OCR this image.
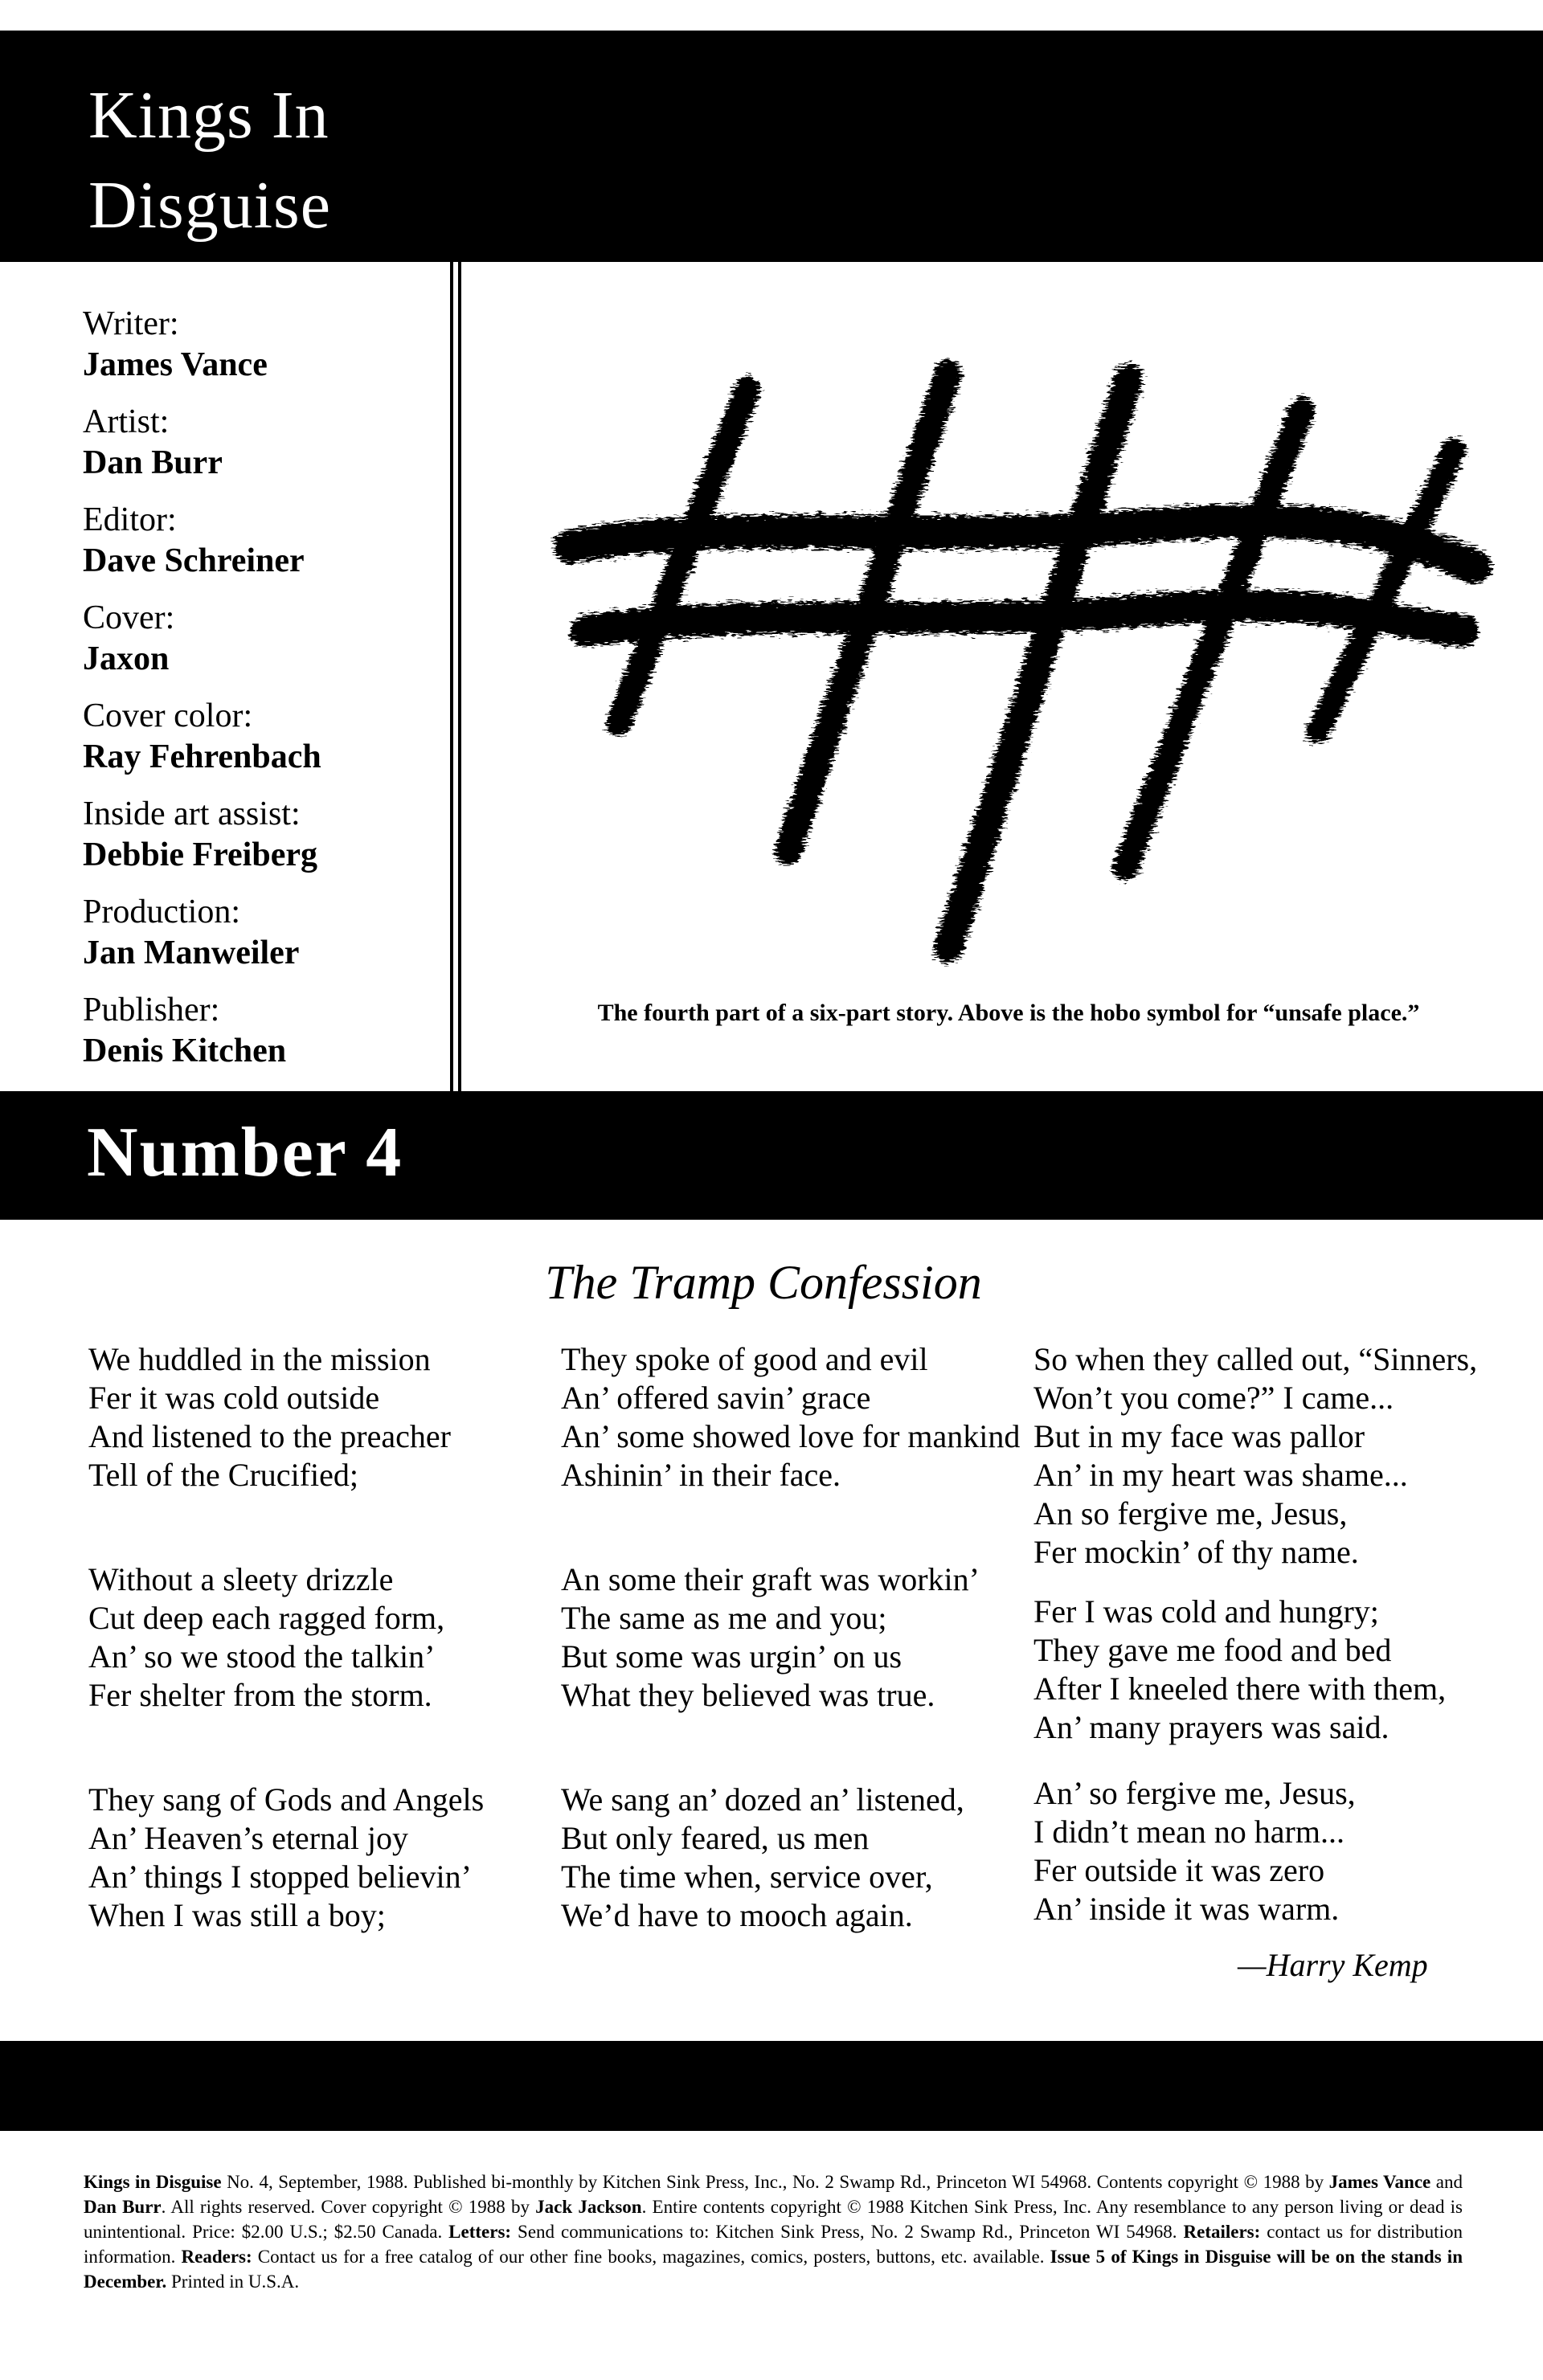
Kings In
Disguise
Writer:
James Vance
Artist:
Dan Burr
Editor:
Dave Schreiner
Cover:
Jaxon
Cover color:
Ray Fehrenbach
Inside art assist:
Debbie Freiberg
Production:
Jan Manweiler
Publisher:
Denis Kitchen
The fourth part of a six-part story. Above is the hobo symbol for “unsafe place.”
Number 4
The Tramp Confession
We huddled in the mission
Fer it was cold outside
And listened to the preacher
Tell of the Crucified;
Without a sleety drizzle
Cut deep each ragged form,
An’ so we stood the talkin’
Fer shelter from the storm.
They sang of Gods and Angels
An’ Heaven’s eternal joy
An’ things I stopped believin’
When I was still a boy;
They spoke of good and evil
An’ offered savin’ grace
An’ some showed love for mankind
Ashinin’ in their face.
An some their graft was workin’
The same as me and you;
But some was urgin’ on us
What they believed was true.
We sang an’ dozed an’ listened,
But only feared, us men
The time when, service over,
We’d have to mooch again.
So when they called out, “Sinners,
Won’t you come?” I came...
But in my face was pallor
An’ in my heart was shame...
An so fergive me, Jesus,
Fer mockin’ of thy name.
Fer I was cold and hungry;
They gave me food and bed
After I kneeled there with them,
An’ many prayers was said.
An’ so fergive me, Jesus,
I didn’t mean no harm...
Fer outside it was zero
An’ inside it was warm.
—Harry Kemp
Kings in Disguise No. 4, September, 1988. Published bi-monthly by Kitchen Sink Press, Inc., No. 2 Swamp Rd., Princeton WI 54968. Contents copyright © 1988 by James Vance and Dan Burr. All rights reserved. Cover copyright © 1988 by Jack Jackson. Entire contents copyright © 1988 Kitchen Sink Press, Inc. Any resemblance to any person living or dead is unintentional. Price: $2.00 U.S.; $2.50 Canada. Letters: Send communications to: Kitchen Sink Press, No. 2 Swamp Rd., Princeton WI 54968. Retailers: contact us for distribution information. Readers: Contact us for a free catalog of our other fine books, magazines, comics, posters, buttons, etc. available. Issue 5 of Kings in Disguise will be on the stands in December. Printed in U.S.A.
